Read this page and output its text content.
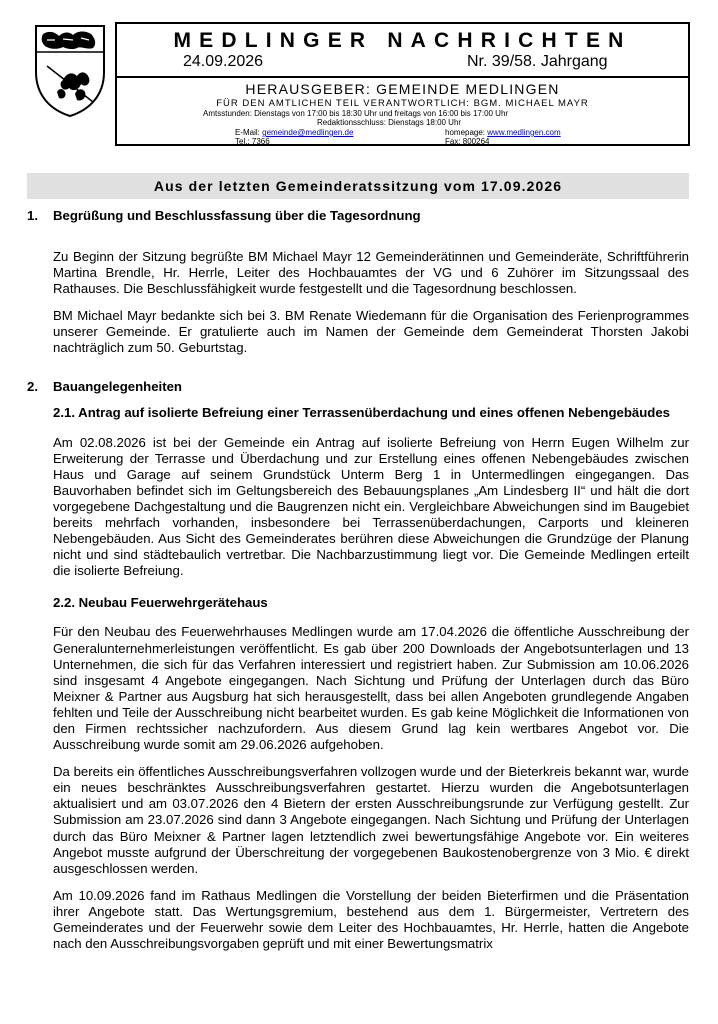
MEDLINGER NACHRICHTEN
24.09.2026	Nr. 39/58. Jahrgang
HERAUSGEBER: GEMEINDE MEDLINGEN
FÜR DEN AMTLICHEN TEIL VERANTWORTLICH: BGM. MICHAEL MAYR
Amtsstunden: Dienstags von 17:00 bis 18:30 Uhr und freitags von 16:00 bis 17:00 Uhr
Redaktionsschluss: Dienstags 18:00 Uhr
E-Mail: gemeinde@medlingen.de	homepage: www.medlingen.com
Tel.: 7366	Fax: 800264
Aus der letzten Gemeinderatssitzung vom 17.09.2026
1. Begrüßung und Beschlussfassung über die Tagesordnung
Zu Beginn der Sitzung begrüßte BM Michael Mayr 12 Gemeinderätinnen und Gemeinderäte, Schriftführerin Martina Brendle, Hr. Herrle, Leiter des Hochbauamtes der VG und 6 Zuhörer im Sitzungssaal des Rathauses. Die Beschlussfähigkeit wurde festgestellt und die Tagesordnung beschlossen.
BM Michael Mayr bedankte sich bei 3. BM Renate Wiedemann für die Organisation des Ferienprogrammes unserer Gemeinde. Er gratulierte auch im Namen der Gemeinde dem Gemeinderat Thorsten Jakobi nachträglich zum 50. Geburtstag.
2. Bauangelegenheiten
2.1. Antrag auf isolierte Befreiung einer Terrassenüberdachung und eines offenen Nebengebäudes
Am 02.08.2026 ist bei der Gemeinde ein Antrag auf isolierte Befreiung von Herrn Eugen Wilhelm zur Erweiterung der Terrasse und Überdachung und zur Erstellung eines offenen Nebengebäudes zwischen Haus und Garage auf seinem Grundstück Unterm Berg 1 in Untermedlingen eingegangen. Das Bauvorhaben befindet sich im Geltungsbereich des Bebauungsplanes „Am Lindesberg II“ und hält die dort vorgegebene Dachgestaltung und die Baugrenzen nicht ein. Vergleichbare Abweichungen sind im Baugebiet bereits mehrfach vorhanden, insbesondere bei Terrassenüberdachungen, Carports und kleineren Nebengebäuden. Aus Sicht des Gemeinderates berühren diese Abweichungen die Grundzüge der Planung nicht und sind städtebaulich vertretbar. Die Nachbarzustimmung liegt vor. Die Gemeinde Medlingen erteilt die isolierte Befreiung.
2.2. Neubau Feuerwehrgerätehaus
Für den Neubau des Feuerwehrhauses Medlingen wurde am 17.04.2026 die öffentliche Ausschreibung der Generalunternehmerleistungen veröffentlicht. Es gab über 200 Downloads der Angebotsunterlagen und 13 Unternehmen, die sich für das Verfahren interessiert und registriert haben. Zur Submission am 10.06.2026 sind insgesamt 4 Angebote eingegangen. Nach Sichtung und Prüfung der Unterlagen durch das Büro Meixner & Partner aus Augsburg hat sich herausgestellt, dass bei allen Angeboten grundlegende Angaben fehlten und Teile der Ausschreibung nicht bearbeitet wurden. Es gab keine Möglichkeit die Informationen von den Firmen rechtssicher nachzufordern. Aus diesem Grund lag kein wertbares Angebot vor. Die Ausschreibung wurde somit am 29.06.2026 aufgehoben.
Da bereits ein öffentliches Ausschreibungsverfahren vollzogen wurde und der Bieterkreis bekannt war, wurde ein neues beschränktes Ausschreibungsverfahren gestartet. Hierzu wurden die Angebotsunterlagen aktualisiert und am 03.07.2026 den 4 Bietern der ersten Ausschreibungsrunde zur Verfügung gestellt. Zur Submission am 23.07.2026 sind dann 3 Angebote eingegangen. Nach Sichtung und Prüfung der Unterlagen durch das Büro Meixner & Partner lagen letztendlich zwei bewertungsfähige Angebote vor. Ein weiteres Angebot musste aufgrund der Überschreitung der vorgegebenen Baukostenobergrenze von 3 Mio. € direkt ausgeschlossen werden.
Am 10.09.2026 fand im Rathaus Medlingen die Vorstellung der beiden Bieterfirmen und die Präsentation ihrer Angebote statt. Das Wertungsgremium, bestehend aus dem 1. Bürgermeister, Vertretern des Gemeinderates und der Feuerwehr sowie dem Leiter des Hochbauamtes, Hr. Herrle, hatten die Angebote nach den Ausschreibungsvorgaben geprüft und mit einer Bewertungsmatrix
